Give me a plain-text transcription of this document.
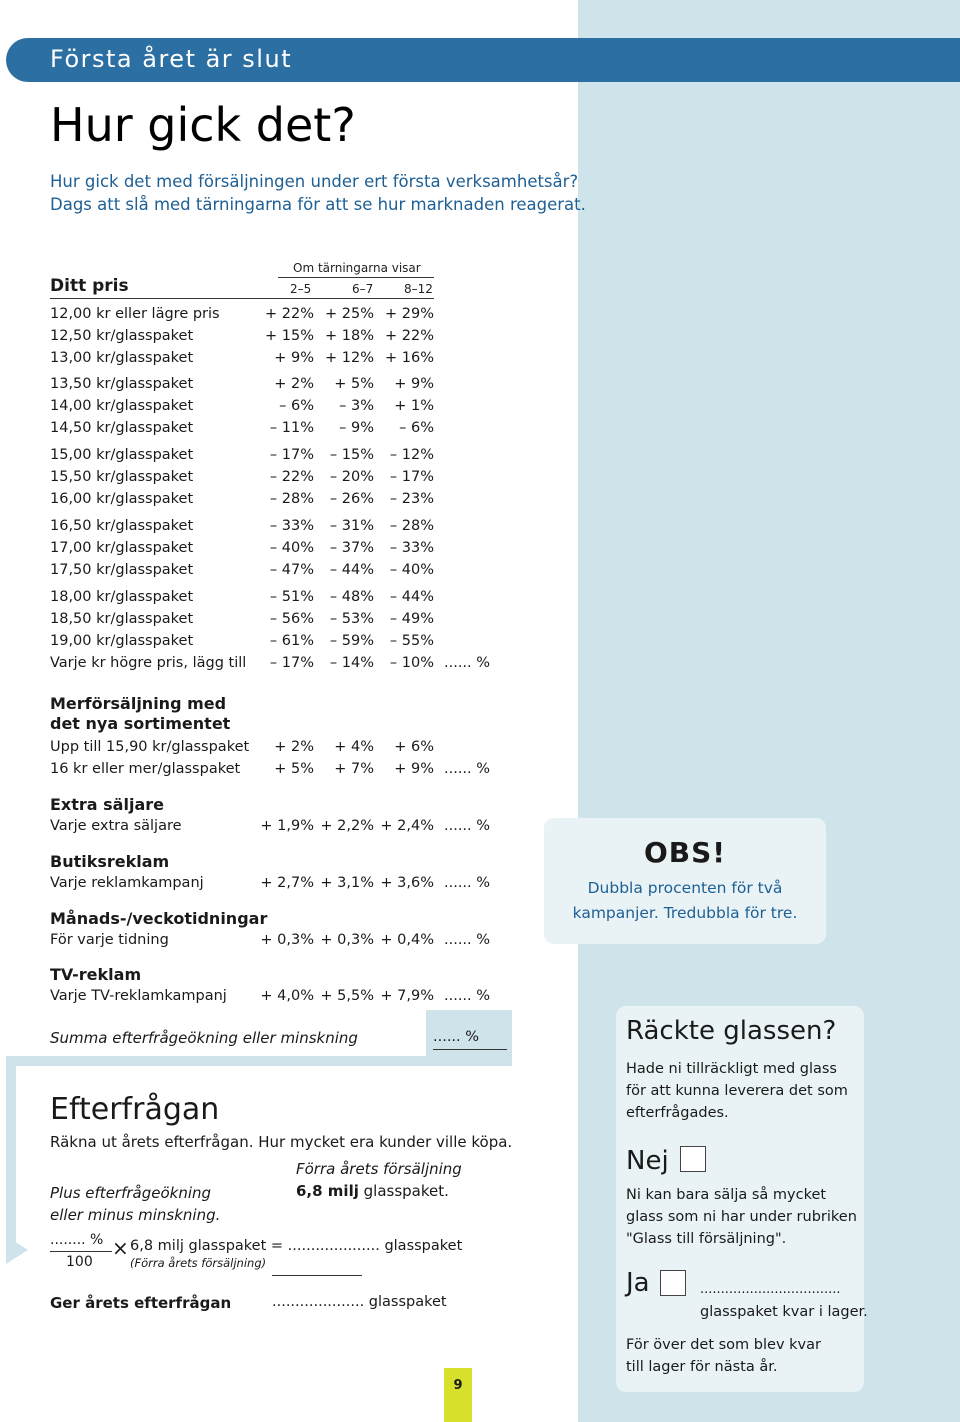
Första året är slut
Hur gick det?
Hur gick det med försäljningen under ert första verksamhetsår?
Dags att slå med tärningarna för att se hur marknaden reagerat.
Om tärningarna visar
Ditt pris	2–5	6–7	8–12
12,00 kr eller lägre pris	+ 22% + 25% + 29%
12,50 kr/glasspaket	+ 15% + 18% + 22%
13,00 kr/glasspaket	+ 9% + 12% + 16%
13,50 kr/glasspaket	+ 2% + 5% + 9%
14,00 kr/glasspaket	– 6% – 3% + 1%
14,50 kr/glasspaket	– 11% – 9% – 6%
15,00 kr/glasspaket	– 17% – 15% – 12%
15,50 kr/glasspaket	– 22% – 20% – 17%
16,00 kr/glasspaket	– 28% – 26% – 23%
16,50 kr/glasspaket	– 33% – 31% – 28%
17,00 kr/glasspaket	– 40% – 37% – 33%
17,50 kr/glasspaket	– 47% – 44% – 40%
18,00 kr/glasspaket	– 51% – 48% – 44%
18,50 kr/glasspaket	– 56% – 53% – 49%
19,00 kr/glasspaket	– 61% – 59% – 55%
Varje kr högre pris, lägg till – 17% – 14% – 10% ...... %
Merförsäljning med
det nya sortimentet
Upp till 15,90 kr/glasspaket + 2% + 4% + 6%
16 kr eller mer/glasspaket + 5% + 7% + 9% ...... %
Extra säljare
Varje extra säljare	+ 1,9% + 2,2% + 2,4% ...... %
Butiksreklam
Varje reklamkampanj	+ 2,7% + 3,1% + 3,6% ...... %
Månads-/veckotidningar
För varje tidning	+ 0,3% + 0,3% + 0,4% ...... %
TV-reklam
Varje TV-reklamkampanj + 4,0% + 5,5% + 7,9% ...... %
Summa efterfrågeökning eller minskning	...... %
Efterfrågan
Räkna ut årets efterfrågan. Hur mycket era kunder ville köpa.
Förra årets försäljning
Plus efterfrågeökning
eller minus minskning.
6,8 milj glasspaket.
........ %
100
× 6,8 milj glasspaket = .................... glasspaket
(Förra årets försäljning)
Ger årets efterfrågan	.................... glasspaket
9
OBS!
Dubbla procenten för två
kampanjer. Tredubbla för tre.
Räckte glassen?
Hade ni tillräckligt med glass
för att kunna leverera det som
efterfrågades.
Nej
Ni kan bara sälja så mycket
glass som ni har under rubriken
"Glass till försäljning".
Ja	..................................
glasspaket kvar i lager.
För över det som blev kvar
till lager för nästa år.
